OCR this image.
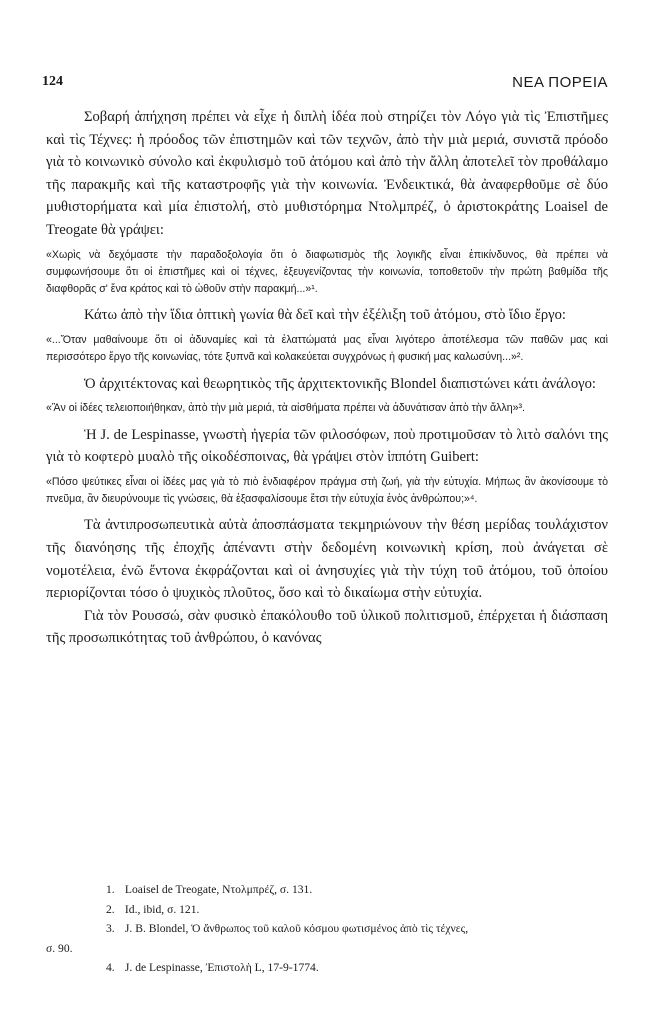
124	ΝΕΑ ΠΟΡΕΙΑ

Σοβαρή ἀπήχηση πρέπει νὰ εἶχε ἡ διπλὴ ἰδέα ποὺ στηρίζει τὸν Λόγο γιὰ τὶς Ἐπιστῆμες καὶ τὶς Τέχνες: ἡ πρόοδος τῶν ἐπιστημῶν καὶ τῶν τεχνῶν, ἀπὸ τὴν μιὰ μεριά, συνιστᾶ πρόοδο γιὰ τὸ κοινωνικὸ σύνολο καὶ ἐκφυλισμὸ τοῦ ἀτόμου καὶ ἀπὸ τὴν ἄλλη ἀποτελεῖ τὸν προθάλαμο τῆς παρακμῆς καὶ τῆς καταστροφῆς γιὰ τὴν κοινωνία. Ἐνδεικτικά, θὰ ἀναφερθοῦμε σὲ δύο μυθιστορήματα καὶ μία ἐπιστολή, στὸ μυθιστόρημα Ντολμπρέζ, ὁ ἀριστοκράτης Loaisel de Treogate θὰ γράψει:

«Χωρὶς νὰ δεχόμαστε τὴν παραδοξολογία ὅτι ὁ διαφωτισμὸς τῆς λογικῆς εἶναι ἐπικίνδυνος, θὰ πρέπει νὰ συμφωνήσουμε ὅτι οἱ ἐπιστῆμες καὶ οἱ τέχνες, ἐξευγενίζοντας τὴν κοινωνία, τοποθετοῦν τὴν πρώτη βαθμίδα τῆς διαφθορᾶς σ' ἕνα κράτος καὶ τὸ ὠθοῦν στὴν παρακμή...»¹.

Κάτω ἀπὸ τὴν ἴδια ὀπτικὴ γωνία θὰ δεῖ καὶ τὴν ἐξέλιξη τοῦ ἀτόμου, στὸ ἴδιο ἔργο:

«...Ὅταν μαθαίνουμε ὅτι οἱ ἀδυναμίες καὶ τὰ ἐλαττώματά μας εἶναι λιγότερο ἀποτέλεσμα τῶν παθῶν μας καὶ περισσότερο ἔργο τῆς κοινωνίας, τότε ξυπνᾶ καὶ κολακεύεται συγχρόνως ἡ φυσική μας καλωσύνη...»².

Ὁ ἀρχιτέκτονας καὶ θεωρητικὸς τῆς ἀρχιτεκτονικῆς Blondel διαπιστώνει κάτι ἀνάλογο:

«Ἂν οἱ ἰδέες τελειοποιήθηκαν, ἀπὸ τὴν μιὰ μεριά, τὰ αἰσθήματα πρέπει νὰ ἀδυνάτισαν ἀπὸ τὴν ἄλλη»³.

Ἡ J. de Lespinasse, γνωστὴ ἠγερία τῶν φιλοσόφων, ποὺ προτιμοῦσαν τὸ λιτὸ σαλόνι της γιὰ τὸ κοφτερὸ μυαλὸ τῆς οἰκοδέσποινας, θὰ γράψει στὸν ἱππότη Guibert:

«Πόσο ψεύτικες εἶναι οἱ ἰδέες μας γιὰ τὸ πιὸ ἐνδιαφέρον πράγμα στὴ ζωή, γιὰ τὴν εὐτυχία. Μήπως ἂν ἀκονίσουμε τὸ πνεῦμα, ἂν διευρύνουμε τὶς γνώσεις, θὰ ἐξασφαλίσουμε ἔτσι τὴν εὐτυχία ἑνὸς ἀνθρώπου;»⁴.

Τὰ ἀντιπροσωπευτικὰ αὐτὰ ἀποσπάσματα τεκμηριώνουν τὴν θέση μερίδας τουλάχιστον τῆς διανόησης τῆς ἐποχῆς ἀπέναντι στὴν δεδομένη κοινωνικὴ κρίση, ποὺ ἀνάγεται σὲ νομοτέλεια, ἐνῶ ἔντονα ἐκφράζονται καὶ οἱ ἀνησυχίες γιὰ τὴν τύχη τοῦ ἀτόμου, τοῦ ὁποίου περιορίζονται τόσο ὁ ψυχικὸς πλοῦτος, ὅσο καὶ τὸ δικαίωμα στὴν εὐτυχία.

Γιὰ τὸν Ρουσσώ, σὰν φυσικὸ ἐπακόλουθο τοῦ ὑλικοῦ πολιτισμοῦ, ἐπέρχεται ἡ διάσπαση τῆς προσωπικότητας τοῦ ἀνθρώπου, ὁ κανόνας

1. Loaisel de Treogate, Ντολμπρέζ, σ. 131.
2. Id., ibid, σ. 121.
3. J. B. Blondel, Ὁ ἄνθρωπος τοῦ καλοῦ κόσμου φωτισμένος ἀπὸ τὶς τέχνες,
σ. 90.
4. J. de Lespinasse, Ἐπιστολὴ L, 17-9-1774.
